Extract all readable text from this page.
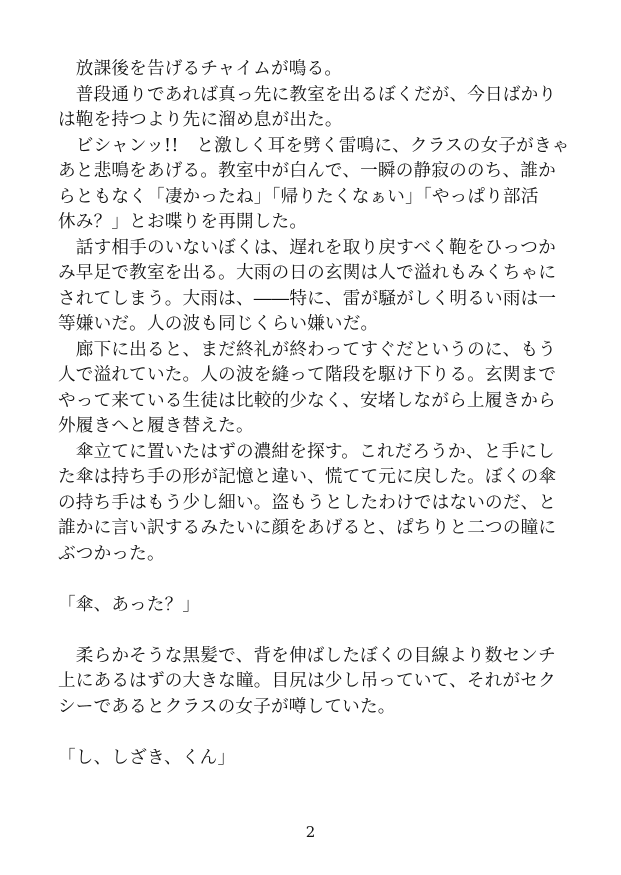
　放課後を告げるチャイムが鳴る。
　普段通りであれば真っ先に教室を出るぼくだが、今日ばかり
は鞄を持つより先に溜め息が出た。
　ビシャンッ!!　と激しく耳を劈く雷鳴に、クラスの女子がきゃ
あと悲鳴をあげる。教室中が白んで、一瞬の静寂ののち、誰か
らともなく「凄かったね」「帰りたくなぁい」「やっぱり部活
休み？」とお喋りを再開した。
　話す相手のいないぼくは、遅れを取り戻すべく鞄をひっつか
み早足で教室を出る。大雨の日の玄関は人で溢れもみくちゃに
されてしまう。大雨は、――特に、雷が騒がしく明るい雨は一
等嫌いだ。人の波も同じくらい嫌いだ。
　廊下に出ると、まだ終礼が終わってすぐだというのに、もう
人で溢れていた。人の波を縫って階段を駆け下りる。玄関まで
やって来ている生徒は比較的少なく、安堵しながら上履きから
外履きへと履き替えた。
　傘立てに置いたはずの濃紺を探す。これだろうか、と手にし
た傘は持ち手の形が記憶と違い、慌てて元に戻した。ぼくの傘
の持ち手はもう少し細い。盗もうとしたわけではないのだ、と
誰かに言い訳するみたいに顔をあげると、ぱちりと二つの瞳に
ぶつかった。
「傘、あった？」
　柔らかそうな黒髪で、背を伸ばしたぼくの目線より数センチ
上にあるはずの大きな瞳。目尻は少し吊っていて、それがセク
シーであるとクラスの女子が噂していた。
「し、しざき、くん」
2
